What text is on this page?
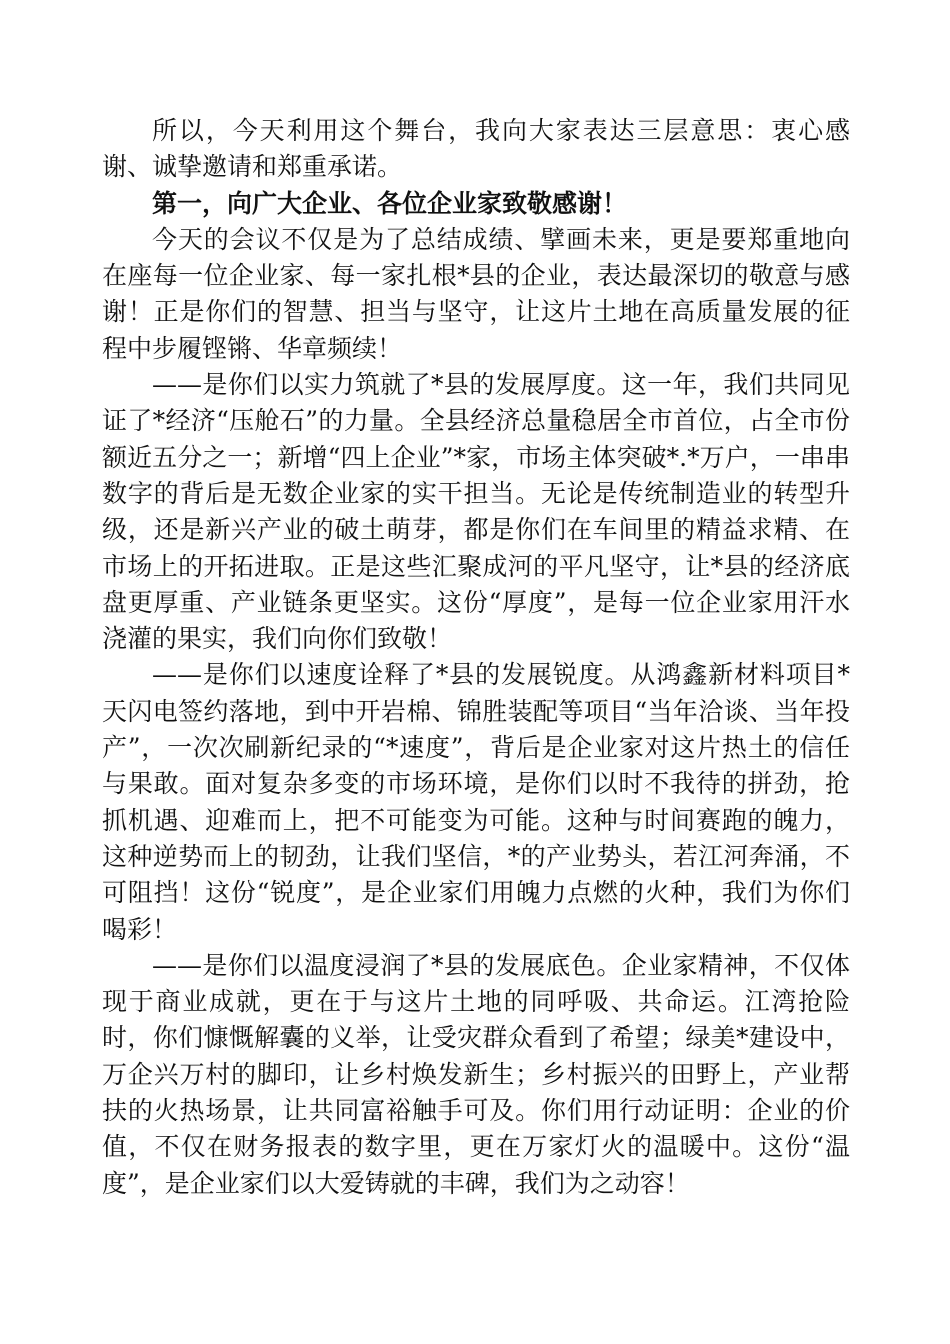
所以，今天利用这个舞台，我向大家表达三层意思：衷心感谢、诚挚邀请和郑重承诺。

第一，向广大企业、各位企业家致敬感谢！

今天的会议不仅是为了总结成绩、擘画未来，更是要郑重地向在座每一位企业家、每一家扎根*县的企业，表达最深切的敬意与感谢！正是你们的智慧、担当与坚守，让这片土地在高质量发展的征程中步履铿锵、华章频续！

——是你们以实力筑就了*县的发展厚度。这一年，我们共同见证了*经济“压舱石”的力量。全县经济总量稳居全市首位，占全市份额近五分之一；新增“四上企业”*家，市场主体突破*.*万户，一串串数字的背后是无数企业家的实干担当。无论是传统制造业的转型升级，还是新兴产业的破土萌芽，都是你们在车间里的精益求精、在市场上的开拓进取。正是这些汇聚成河的平凡坚守，让*县的经济底盘更厚重、产业链条更坚实。这份“厚度”，是每一位企业家用汗水浇灌的果实，我们向你们致敬！

——是你们以速度诠释了*县的发展锐度。从鸿鑫新材料项目*天闪电签约落地，到中开岩棉、锦胜装配等项目“当年洽谈、当年投产”，一次次刷新纪录的“*速度”，背后是企业家对这片热土的信任与果敢。面对复杂多变的市场环境，是你们以时不我待的拼劲，抢抓机遇、迎难而上，把不可能变为可能。这种与时间赛跑的魄力，这种逆势而上的韧劲，让我们坚信，*的产业势头，若江河奔涌，不可阻挡！这份“锐度”，是企业家们用魄力点燃的火种，我们为你们喝彩！

——是你们以温度浸润了*县的发展底色。企业家精神，不仅体现于商业成就，更在于与这片土地的同呼吸、共命运。江湾抢险时，你们慷慨解囊的义举，让受灾群众看到了希望；绿美*建设中，万企兴万村的脚印，让乡村焕发新生；乡村振兴的田野上，产业帮扶的火热场景，让共同富裕触手可及。你们用行动证明：企业的价值，不仅在财务报表的数字里，更在万家灯火的温暖中。这份“温度”，是企业家们以大爱铸就的丰碑，我们为之动容！
